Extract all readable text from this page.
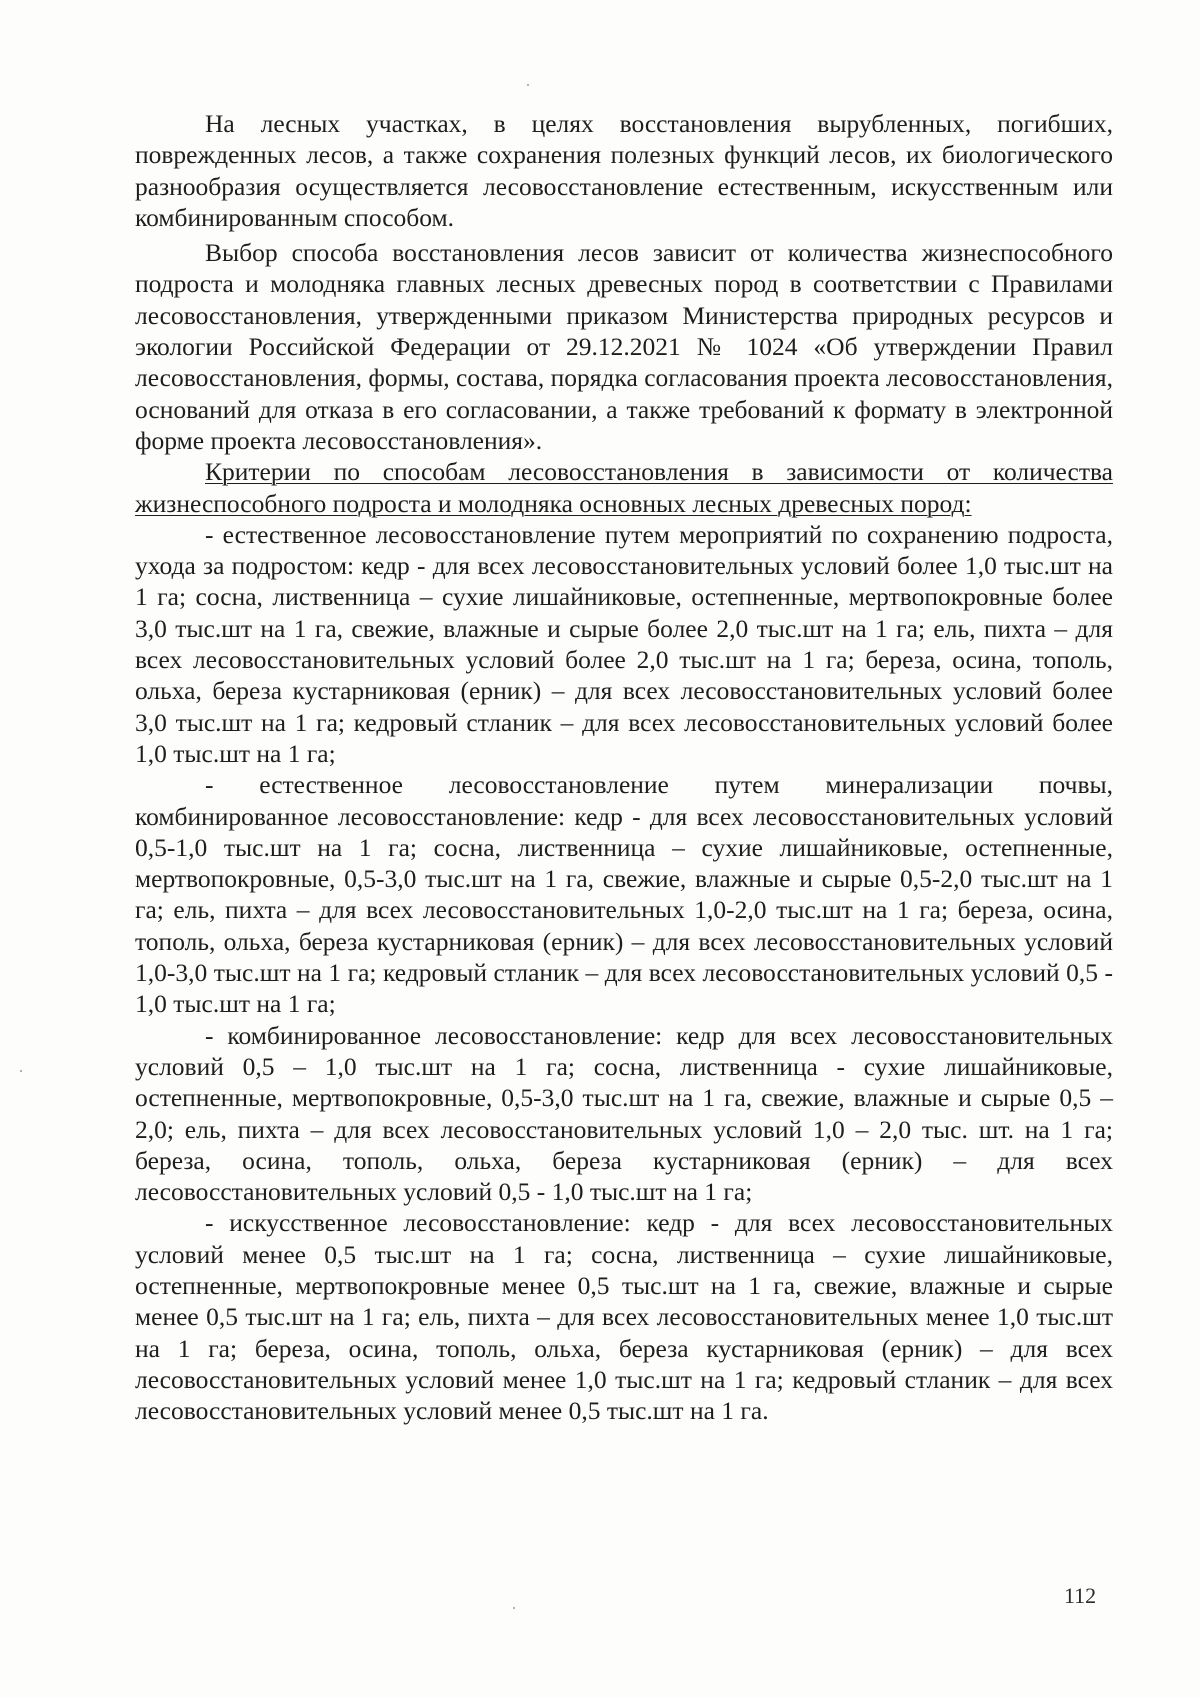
На лесных участках, в целях восстановления вырубленных, погибших, поврежденных лесов, а также сохранения полезных функций лесов, их биологического разнообразия осуществляется лесовосстановление естественным, искусственным или комбинированным способом.

Выбор способа восстановления лесов зависит от количества жизнеспособного подроста и молодняка главных лесных древесных пород в соответствии с Правилами лесовосстановления, утвержденными приказом Министерства природных ресурсов и экологии Российской Федерации от 29.12.2021 № 1024 «Об утверждении Правил лесовосстановления, формы, состава, порядка согласования проекта лесовосстановления, оснований для отказа в его согласовании, а также требований к формату в электронной форме проекта лесовосстановления».

Критерии по способам лесовосстановления в зависимости от количества жизнеспособного подроста и молодняка основных лесных древесных пород:

- естественное лесовосстановление путем мероприятий по сохранению подроста, ухода за подростом: кедр - для всех лесовосстановительных условий более 1,0 тыс.шт на 1 га; сосна, лиственница – сухие лишайниковые, остепненные, мертвопокровные более 3,0 тыс.шт на 1 га, свежие, влажные и сырые более 2,0 тыс.шт на 1 га; ель, пихта – для всех лесовосстановительных условий более 2,0 тыс.шт на 1 га; береза, осина, тополь, ольха, береза кустарниковая (ерник) – для всех лесовосстановительных условий более 3,0 тыс.шт на 1 га; кедровый стланик – для всех лесовосстановительных условий более 1,0 тыс.шт на 1 га;

- естественное лесовосстановление путем минерализации почвы, комбинированное лесовосстановление: кедр - для всех лесовосстановительных условий 0,5-1,0 тыс.шт на 1 га; сосна, лиственница – сухие лишайниковые, остепненные, мертвопокровные, 0,5-3,0 тыс.шт на 1 га, свежие, влажные и сырые 0,5-2,0 тыс.шт на 1 га; ель, пихта – для всех лесовосстановительных 1,0-2,0 тыс.шт на 1 га; береза, осина, тополь, ольха, береза кустарниковая (ерник) – для всех лесовосстановительных условий 1,0-3,0 тыс.шт на 1 га; кедровый стланик – для всех лесовосстановительных условий 0,5 - 1,0 тыс.шт на 1 га;

- комбинированное лесовосстановление: кедр для всех лесовосстановительных условий 0,5 – 1,0 тыс.шт на 1 га; сосна, лиственница - сухие лишайниковые, остепненные, мертвопокровные, 0,5-3,0 тыс.шт на 1 га, свежие, влажные и сырые 0,5 – 2,0; ель, пихта – для всех лесовосстановительных условий 1,0 – 2,0 тыс. шт. на 1 га; береза, осина, тополь, ольха, береза кустарниковая (ерник) – для всех лесовосстановительных условий 0,5 - 1,0 тыс.шт на 1 га;

- искусственное лесовосстановление: кедр - для всех лесовосстановительных условий менее 0,5 тыс.шт на 1 га; сосна, лиственница – сухие лишайниковые, остепненные, мертвопокровные менее 0,5 тыс.шт на 1 га, свежие, влажные и сырые менее 0,5 тыс.шт на 1 га; ель, пихта – для всех лесовосстановительных менее 1,0 тыс.шт на 1 га; береза, осина, тополь, ольха, береза кустарниковая (ерник) – для всех лесовосстановительных условий менее 1,0 тыс.шт на 1 га; кедровый стланик – для всех лесовосстановительных условий менее 0,5 тыс.шт на 1 га.

112
